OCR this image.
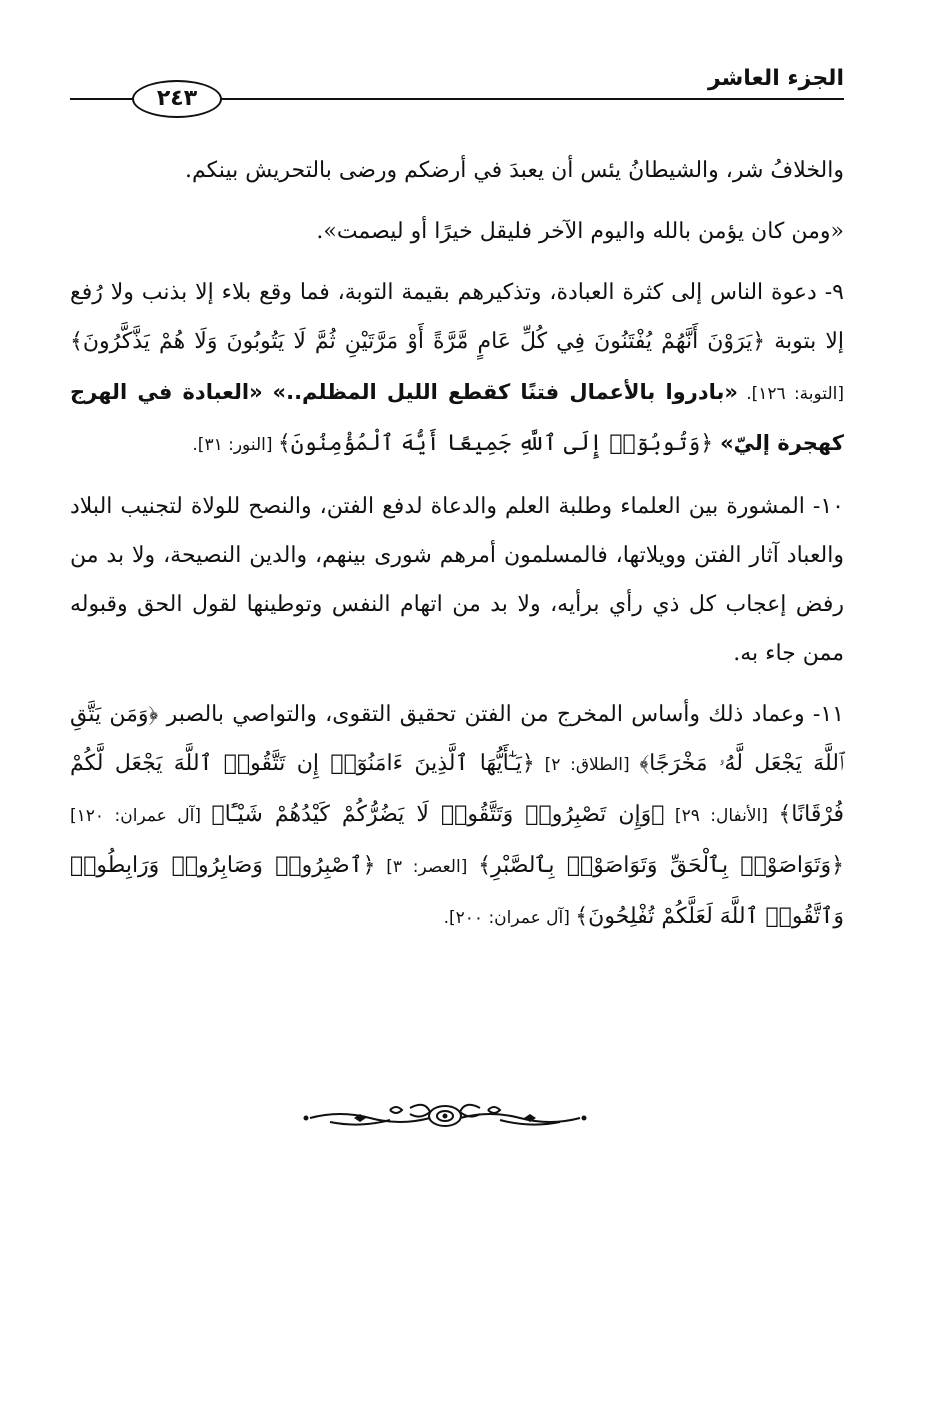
الجزء العاشر
٢٤٣

والخلافُ شر، والشيطانُ يئس أن يعبدَ في أرضكم ورضى بالتحريش بينكم.

«ومن كان يؤمن بالله واليوم الآخر فليقل خيرًا أو ليصمت».

٩- دعوة الناس إلى كثرة العبادة، وتذكيرهم بقيمة التوبة، فما وقع بلاء إلا بذنب ولا رُفع إلا بتوبة ﴿يَرَوْنَ أَنَّهُمْ يُفْتَنُونَ فِي كُلِّ عَامٍ مَّرَّةً أَوْ مَرَّتَيْنِ ثُمَّ لَا يَتُوبُونَ وَلَا هُمْ يَذَّكَّرُونَ﴾ [التوبة: ١٢٦]. «بادروا بالأعمال فتنًا كقطع الليل المظلم..» «العبادة في الهرج كهجرة إليّ» ﴿وَتُوبُوٓا۟ إِلَى ٱللَّهِ جَمِيعًا أَيُّهَ ٱلْمُؤْمِنُونَ﴾ [النور: ٣١].

١٠- المشورة بين العلماء وطلبة العلم والدعاة لدفع الفتن، والنصح للولاة لتجنيب البلاد والعباد آثار الفتن وويلاتها، فالمسلمون أمرهم شورى بينهم، والدين النصيحة، ولا بد من رفض إعجاب كل ذي رأي برأيه، ولا بد من اتهام النفس وتوطينها لقول الحق وقبوله ممن جاء به.

١١- وعماد ذلك وأساس المخرج من الفتن تحقيق التقوى، والتواصي بالصبر ﴿وَمَن يَتَّقِ ٱللَّهَ يَجْعَل لَّهُۥ مَخْرَجًا﴾ [الطلاق: ٢] ﴿يَـٰٓأَيُّهَا ٱلَّذِينَ ءَامَنُوٓا۟ إِن تَتَّقُوا۟ ٱللَّهَ يَجْعَل لَّكُمْ فُرْقَانًا﴾ [الأنفال: ٢٩] ﴿وَإِن تَصْبِرُوا۟ وَتَتَّقُوا۟ لَا يَضُرُّكُمْ كَيْدُهُمْ شَيْـًٔا﴾ [آل عمران: ١٢٠] ﴿وَتَوَاصَوْا۟ بِٱلْحَقِّ وَتَوَاصَوْا۟ بِٱلصَّبْرِ﴾ [العصر: ٣] ﴿ٱصْبِرُوا۟ وَصَابِرُوا۟ وَرَابِطُوا۟ وَٱتَّقُوا۟ ٱللَّهَ لَعَلَّكُمْ تُفْلِحُونَ﴾ [آل عمران: ٢٠٠].
